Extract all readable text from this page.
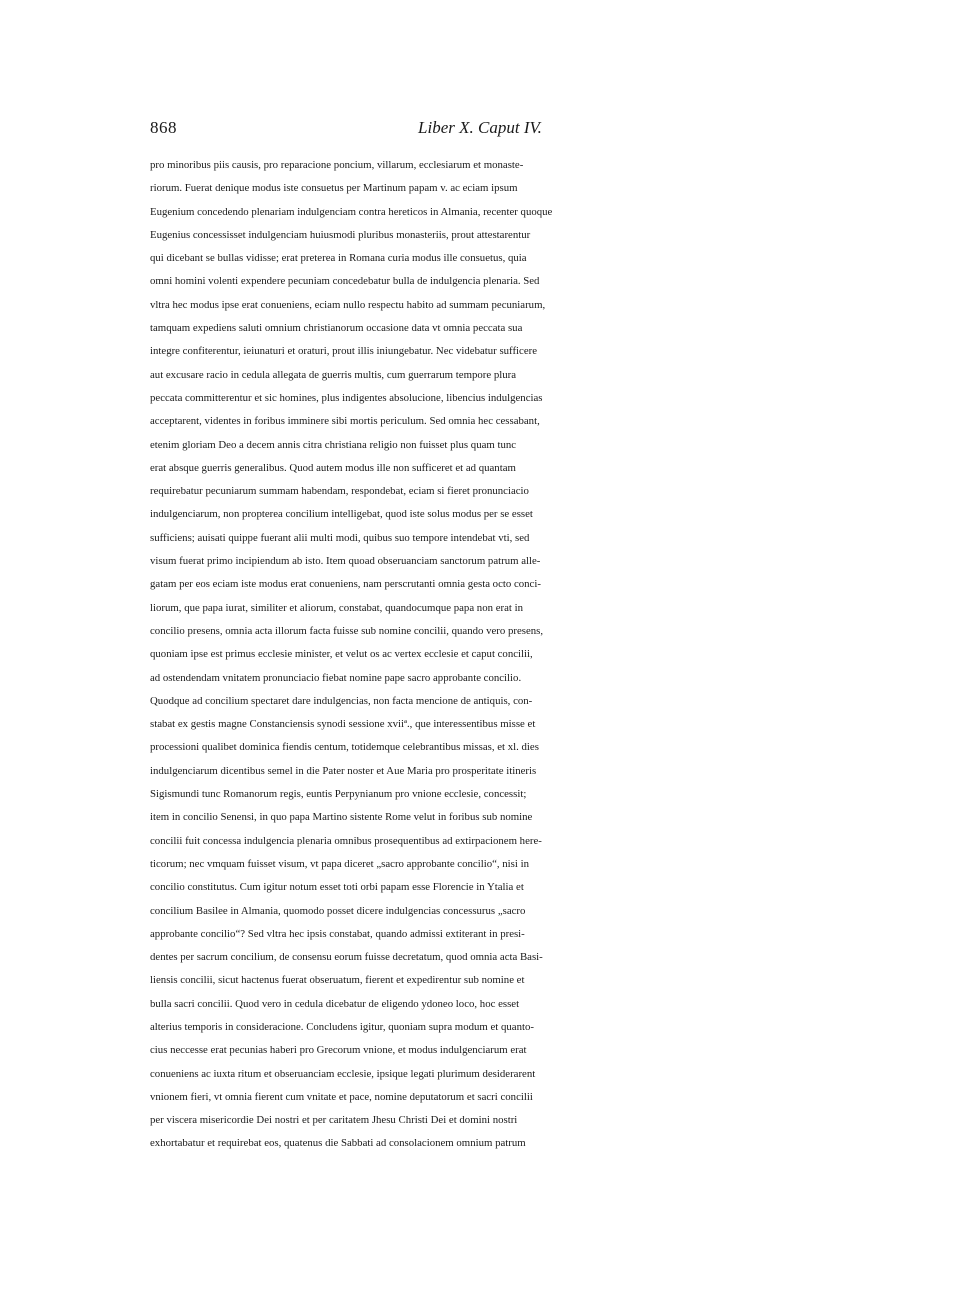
868	Liber X. Caput IV.
pro minoribus piis causis, pro reparacione poncium, villarum, ecclesiarum et monaste-
riorum. Fuerat denique modus iste consuetus per Martinum papam v. ac eciam ipsum
Eugenium concedendo plenariam indulgenciam contra hereticos in Almania, recenter quoque
Eugenius concessisset indulgenciam huiusmodi pluribus monasteriis, prout attestarentur
qui dicebant se bullas vidisse; erat preterea in Romana curia modus ille consuetus, quia
omni homini volenti expendere pecuniam concedebatur bulla de indulgencia plenaria. Sed
vltra hec modus ipse erat conueniens, eciam nullo respectu habito ad summam pecuniarum,
tamquam expediens saluti omnium christianorum occasione data vt omnia peccata sua
integre confiterentur, ieiunaturi et oraturi, prout illis iniungebatur. Nec videbatur sufficere
aut excusare racio in cedula allegata de guerris multis, cum guerrarum tempore plura
peccata committerentur et sic homines, plus indigentes absolucione, libencius indulgencias
acceptarent, videntes in foribus imminere sibi mortis periculum. Sed omnia hec cessabant,
etenim gloriam Deo a decem annis citra christiana religio non fuisset plus quam tunc
erat absque guerris generalibus. Quod autem modus ille non sufficeret et ad quantam
requirebatur pecuniarum summam habendam, respondebat, eciam si fieret pronunciacio
indulgenciarum, non propterea concilium intelligebat, quod iste solus modus per se esset
sufficiens; auisati quippe fuerant alii multi modi, quibus suo tempore intendebat vti, sed
visum fuerat primo incipiendum ab isto. Item quoad obseruanciam sanctorum patrum alle-
gatam per eos eciam iste modus erat conueniens, nam perscrutanti omnia gesta octo conci-
liorum, que papa iurat, similiter et aliorum, constabat, quandocumque papa non erat in
concilio presens, omnia acta illorum facta fuisse sub nomine concilii, quando vero presens,
quoniam ipse est primus ecclesie minister, et velut os ac vertex ecclesie et caput concilii,
ad ostendendam vnitatem pronunciacio fiebat nomine pape sacro approbante concilio.
Quodque ad concilium spectaret dare indulgencias, non facta mencione de antiquis, con-
stabat ex gestis magne Constanciensis synodi sessione xviiª., que interessentibus misse et
processioni qualibet dominica fiendis centum, totidemque celebrantibus missas, et xl. dies
indulgenciarum dicentibus semel in die Pater noster et Aue Maria pro prosperitate itineris
Sigismundi tunc Romanorum regis, euntis Perpynianum pro vnione ecclesie, concessit;
item in concilio Senensi, in quo papa Martino sistente Rome velut in foribus sub nomine
concilii fuit concessa indulgencia plenaria omnibus prosequentibus ad extirpacionem here-
ticorum; nec vmquam fuisset visum, vt papa diceret „sacro approbante concilio“, nisi in
concilio constitutus. Cum igitur notum esset toti orbi papam esse Florencie in Ytalia et
concilium Basilee in Almania, quomodo posset dicere indulgencias concessurus „sacro
approbante concilio“? Sed vltra hec ipsis constabat, quando admissi extiterant in presi-
dentes per sacrum concilium, de consensu eorum fuisse decretatum, quod omnia acta Basi-
liensis concilii, sicut hactenus fuerat obseruatum, fierent et expedirentur sub nomine et
bulla sacri concilii. Quod vero in cedula dicebatur de eligendo ydoneo loco, hoc esset
alterius temporis in consideracione. Concludens igitur, quoniam supra modum et quanto-
cius neccesse erat pecunias haberi pro Grecorum vnione, et modus indulgenciarum erat
conueniens ac iuxta ritum et obseruanciam ecclesie, ipsique legati plurimum desiderarent
vnionem fieri, vt omnia fierent cum vnitate et pace, nomine deputatorum et sacri concilii
per viscera misericordie Dei nostri et per caritatem Jhesu Christi Dei et domini nostri
exhortabatur et requirebat eos, quatenus die Sabbati ad consolacionem omnium patrum
